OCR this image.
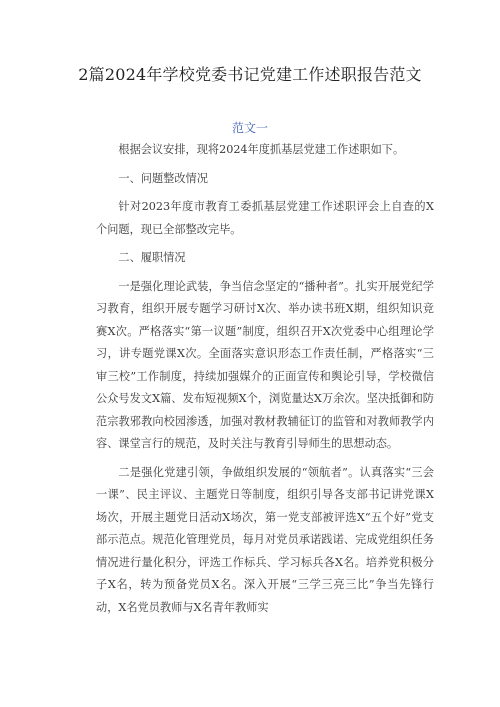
2篇2024年学校党委书记党建工作述职报告范文
范文一

根据会议安排，现将2024年度抓基层党建工作述职如下。

一、问题整改情况

针对2023年度市教育工委抓基层党建工作述职评会上自查的X个问题，现已全部整改完毕。

二、履职情况

一是强化理论武装，争当信念坚定的“播种者”。扎实开展党纪学习教育，组织开展专题学习研讨X次、举办读书班X期，组织知识竞赛X次。严格落实“第一议题”制度，组织召开X次党委中心组理论学习，讲专题党课X次。全面落实意识形态工作责任制，严格落实“三审三校”工作制度，持续加强媒介的正面宣传和舆论引导，学校微信公众号发文X篇、发布短视频X个，浏览量达X万余次。坚决抵御和防范宗教邪教向校园渗透，加强对教材教辅征订的监管和对教师教学内容、课堂言行的规范，及时关注与教育引导师生的思想动态。

二是强化党建引领，争做组织发展的“领航者”。认真落实“三会一课”、民主评议、主题党日等制度，组织引导各支部书记讲党课X场次，开展主题党日活动X场次，第一党支部被评选X“五个好”党支部示范点。规范化管理党员，每月对党员承诺践诺、完成党组织任务情况进行量化积分，评选工作标兵、学习标兵各X名。培养党积极分子X名，转为预备党员X名。深入开展“三学三亮三比”争当先锋行动，X名党员教师与X名青年教师实
